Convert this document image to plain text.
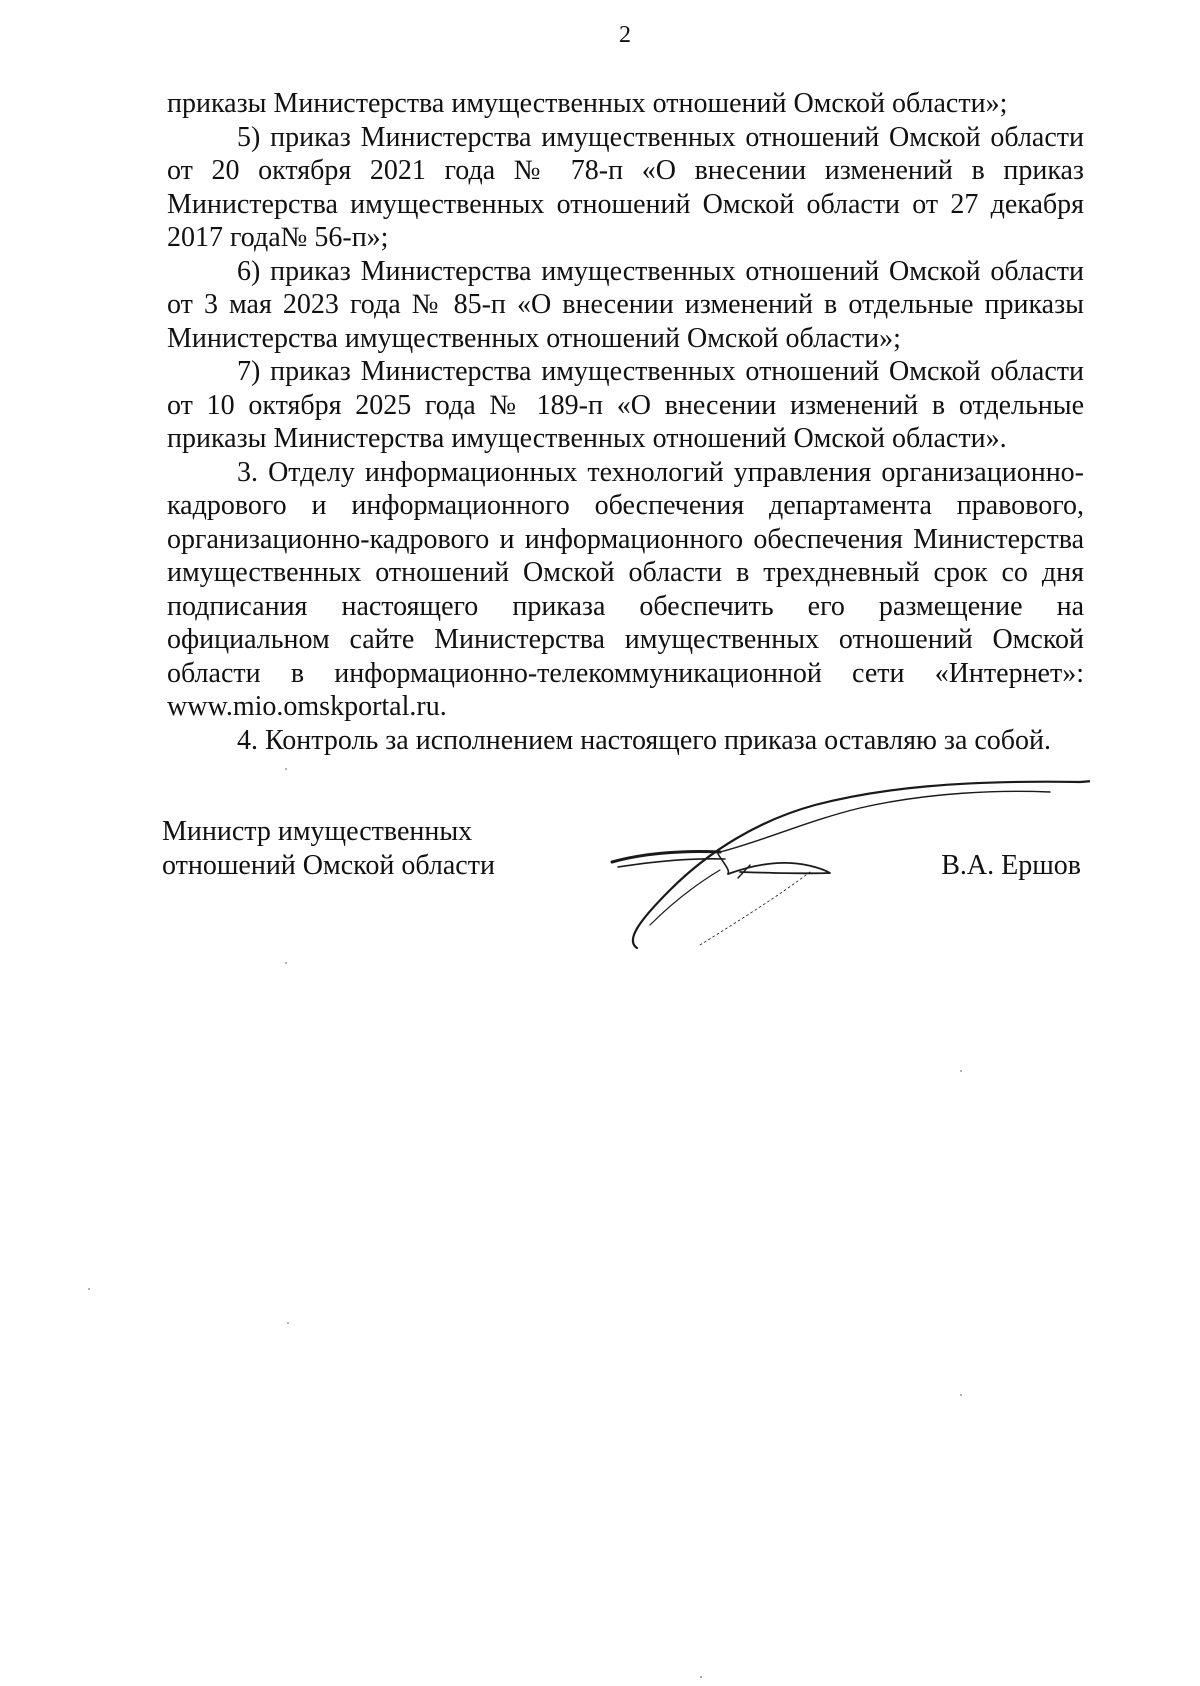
2

приказы Министерства имущественных отношений Омской области»;

5) приказ Министерства имущественных отношений Омской области от 20 октября 2021 года № 78-п «О внесении изменений в приказ Министерства имущественных отношений Омской области от 27 декабря 2017 года№ 56-п»;

6) приказ Министерства имущественных отношений Омской области от 3 мая 2023 года № 85-п «О внесении изменений в отдельные приказы Министерства имущественных отношений Омской области»;

7) приказ Министерства имущественных отношений Омской области от 10 октября 2025 года № 189-п «О внесении изменений в отдельные приказы Министерства имущественных отношений Омской области».

3. Отделу информационных технологий управления организационно-кадрового и информационного обеспечения департамента правового, организационно-кадрового и информационного обеспечения Министерства имущественных отношений Омской области в трехдневный срок со дня подписания настоящего приказа обеспечить его размещение на официальном сайте Министерства имущественных отношений Омской области в информационно-телекоммуникационной сети «Интернет»: www.mio.omskportal.ru.

4. Контроль за исполнением настоящего приказа оставляю за собой.

Министр имущественных
отношений Омской области	В.А. Ершов
